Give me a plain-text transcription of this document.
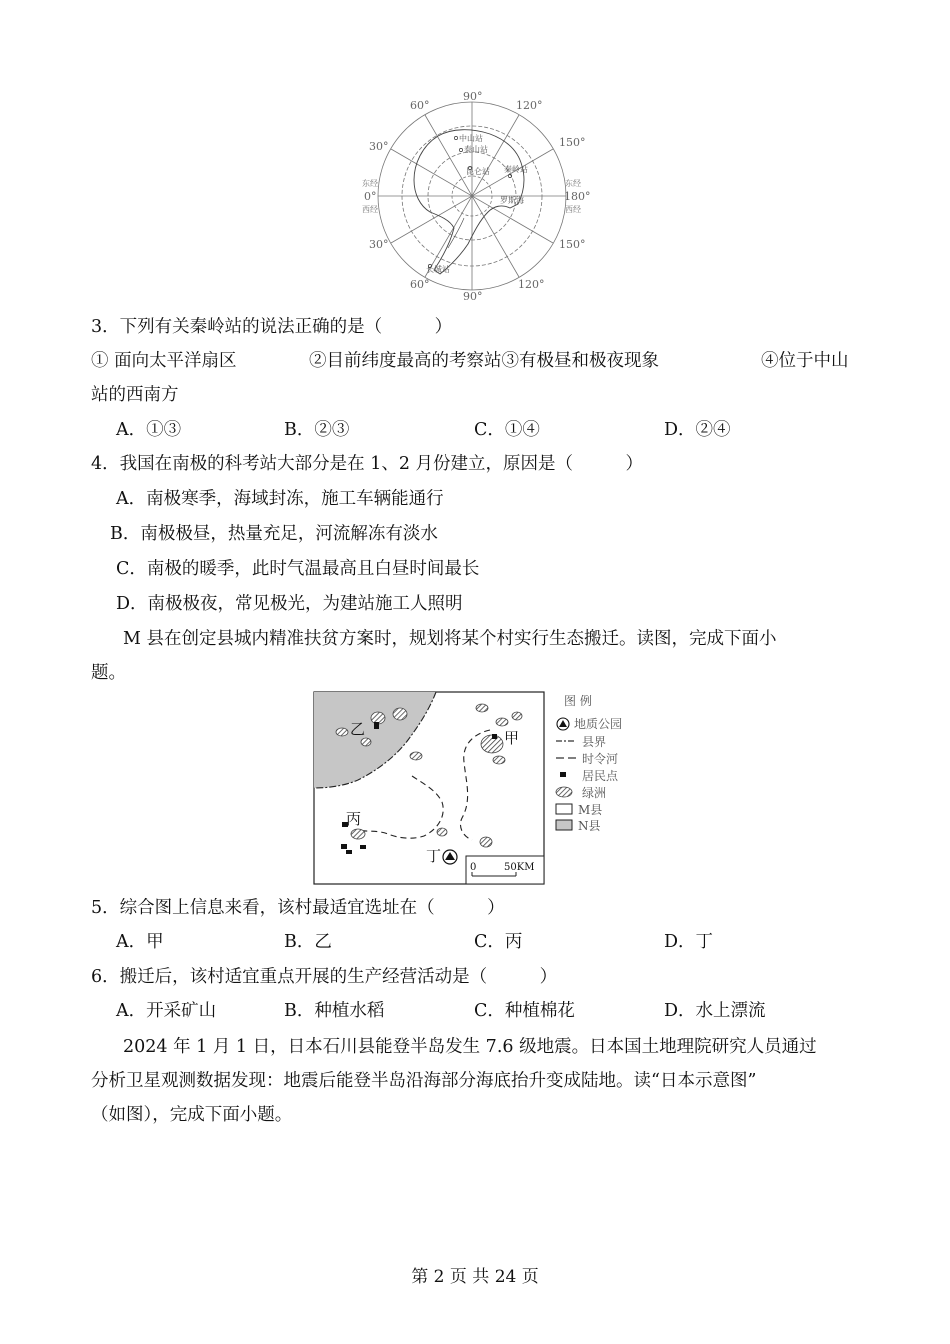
90°
60°	120°
30°	150°
0°	180°
30°	150°
60°
90°
120°
东经
西经
东经
西经
中山站
泰山站
昆仑站 秦岭站
罗斯海
长城站
3．下列有关秦岭站的说法正确的是（　　　）
① 面向太平洋扇区	②目前纬度最高的考察站③有极昼和极夜现象	④位于中山
站的西南方
A．①③	B．②③	C．①④	D．②④
4．我国在南极的科考站大部分是在 1、2 月份建立，原因是（　　　）
A．南极寒季，海域封冻，施工车辆能通行
B．南极极昼，热量充足，河流解冻有淡水
C．南极的暖季，此时气温最高且白昼时间最长
D．南极极夜，常见极光，为建站施工人照明
M 县在创定县城内精准扶贫方案时，规划将某个村实行生态搬迁。读图，完成下面小
题。
乙	甲
丙
丁
0	50KM
图 例
地质公园
县界
时令河
居民点
绿洲
M县
N县
5．综合图上信息来看，该村最适宜选址在（　　　）
A．甲	B．乙	C．丙	D．丁
6．搬迁后，该村适宜重点开展的生产经营活动是（　　　）
A．开采矿山	B．种植水稻	C．种植棉花	D．水上漂流
2024 年 1 月 1 日，日本石川县能登半岛发生 7.6 级地震。日本国土地理院研究人员通过
分析卫星观测数据发现：地震后能登半岛沿海部分海底抬升变成陆地。读“日本示意图”
（如图），完成下面小题。
第 2 页 共 24 页
